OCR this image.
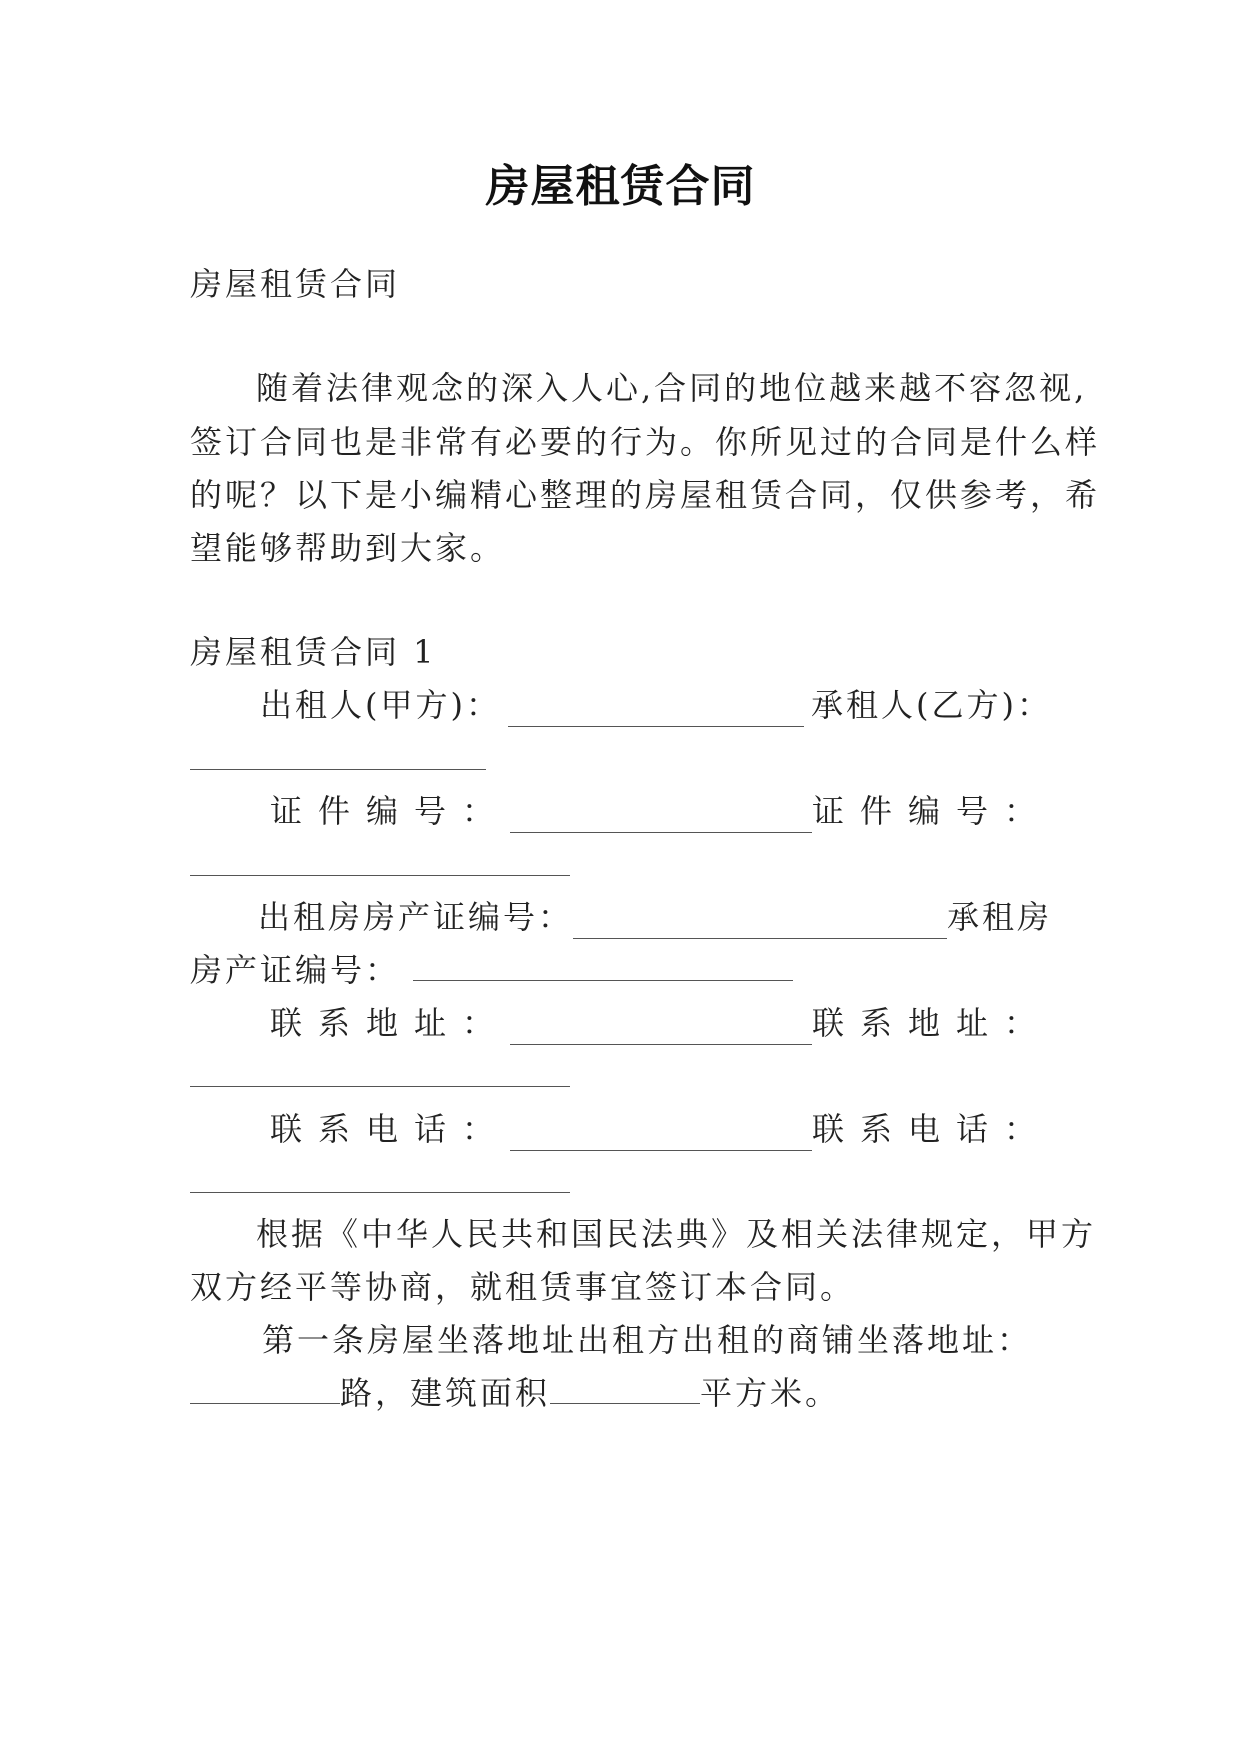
房屋租赁合同
房屋租赁合同
随着法律观念的深入人心,合同的地位越来越不容忽视,
签订合同也是非常有必要的行为。你所见过的合同是什么样
的呢？以下是小编精心整理的房屋租赁合同，仅供参考，希
望能够帮助到大家。
房屋租赁合同 1
出租人(甲方)：	承租人(乙方)：
证件编号：	证件编号：
出租房房产证编号：	承租房
房产证编号：
联系地址：	联系地址：
联系电话：	联系电话：
根据《中华人民共和国民法典》及相关法律规定，甲方
双方经平等协商，就租赁事宜签订本合同。
第一条房屋坐落地址出租方出租的商铺坐落地址：
路，建筑面积	平方米。
